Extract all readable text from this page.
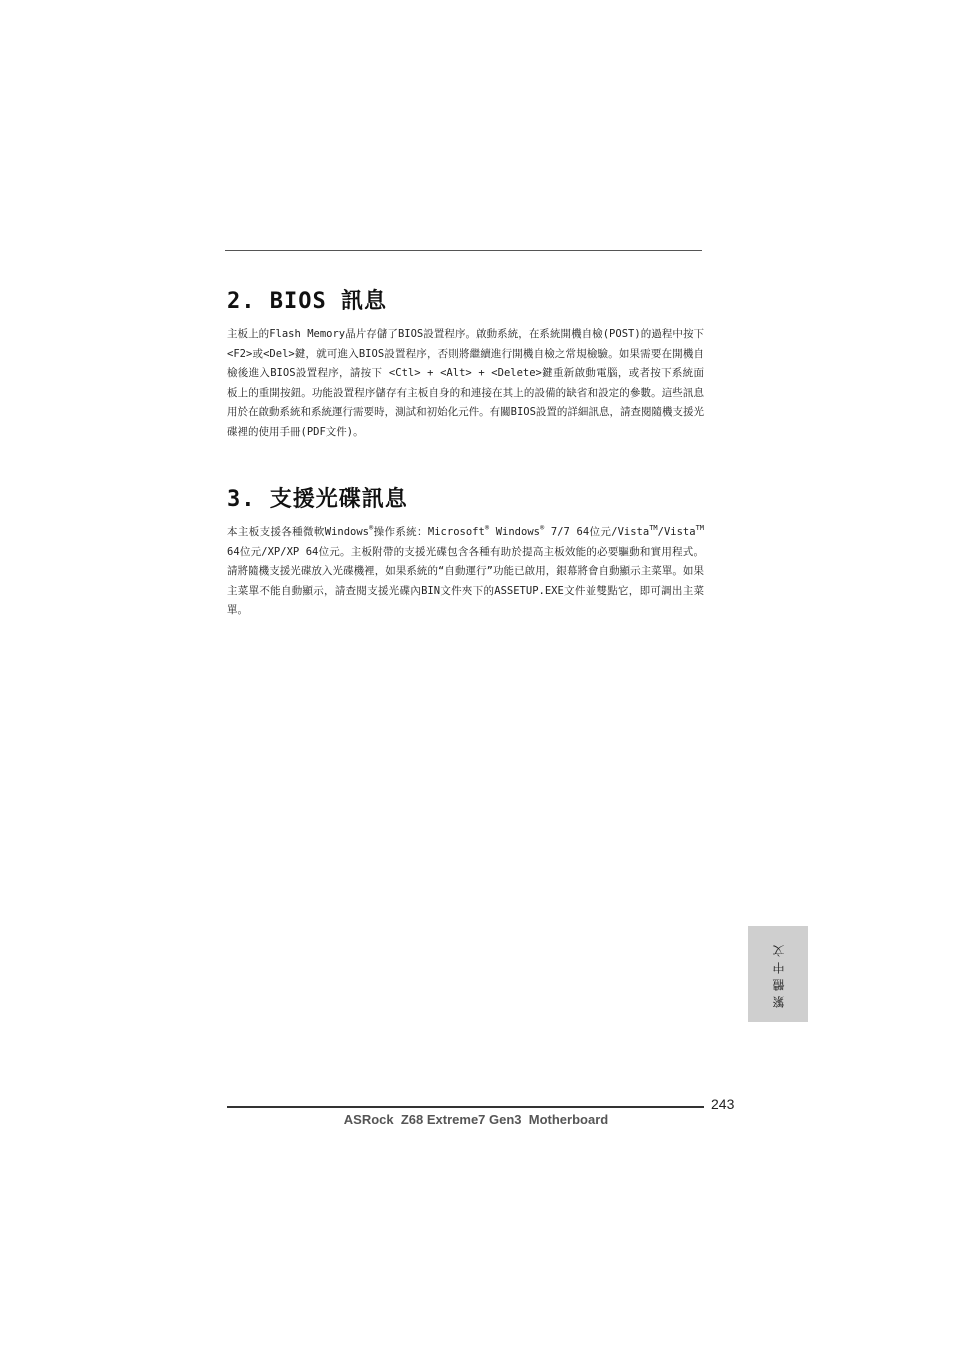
2. BIOS 訊息

主板上的Flash Memory晶片存儲了BIOS設置程序。啟動系統，在系統開機自檢(POST)的過程中按下<F2>或<Del>鍵，就可進入BIOS設置程序，否則將繼續進行開機自檢之常規檢驗。如果需要在開機自檢後進入BIOS設置程序，請按下 <Ctl> + <Alt> + <Delete>鍵重新啟動電腦，或者按下系統面板上的重開按鈕。功能設置程序儲存有主板自身的和連接在其上的設備的缺省和設定的參數。這些訊息用於在啟動系統和系統運行需要時，測試和初始化元件。有關BIOS設置的詳細訊息，請查閱隨機支援光碟裡的使用手冊(PDF文件)。

3. 支援光碟訊息

本主板支援各種微軟Windows®操作系統：Microsoft® Windows® 7/7 64位元/Vista™/Vista™ 64位元/XP/XP 64位元。主板附帶的支援光碟包含各種有助於提高主板效能的必要驅動和實用程式。請將隨機支援光碟放入光碟機裡，如果系統的“自動運行”功能已啟用，銀幕將會自動顯示主菜單。如果主菜單不能自動顯示，請查閱支援光碟內BIN文件夾下的ASSETUP.EXE文件並雙點它，即可調出主菜單。

繁體中文
243
ASRock  Z68 Extreme7 Gen3  Motherboard
